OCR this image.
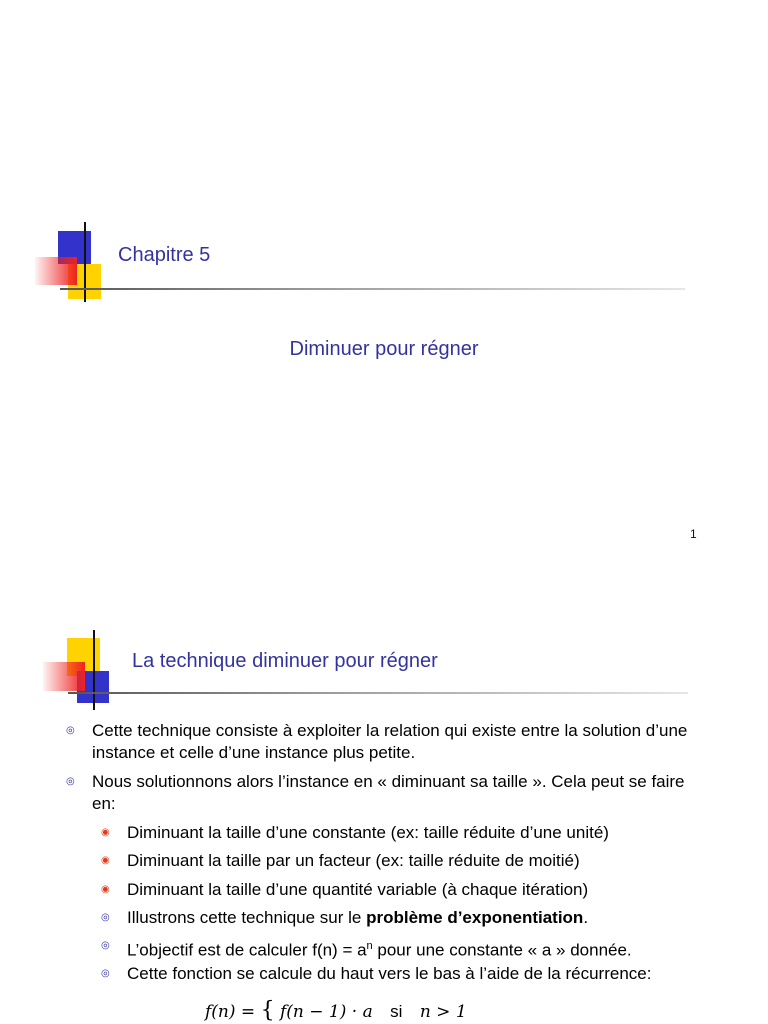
Chapitre 5
Diminuer pour régner
1
La technique diminuer pour régner
◎ Cette technique consiste à exploiter la relation qui existe entre la solution d’une instance et celle d’une instance plus petite.
◎ Nous solutionnons alors l’instance en « diminuant sa taille ». Cela peut se faire en:
◉ Diminuant la taille d’une constante (ex: taille réduite d’une unité)
◉ Diminuant la taille par un facteur (ex: taille réduite de moitié)
◉ Diminuant la taille d’une quantité variable (à chaque itération)
◎ Illustrons cette technique sur le problème d’exponentiation.
◎ L’objectif est de calculer $f(n) = a^n$ pour une constante « a » donnée.
◎ Cette fonction se calcule du haut vers le bas à l’aide de la récurrence:
f(n) = { f(n − 1) · a si n > 1
